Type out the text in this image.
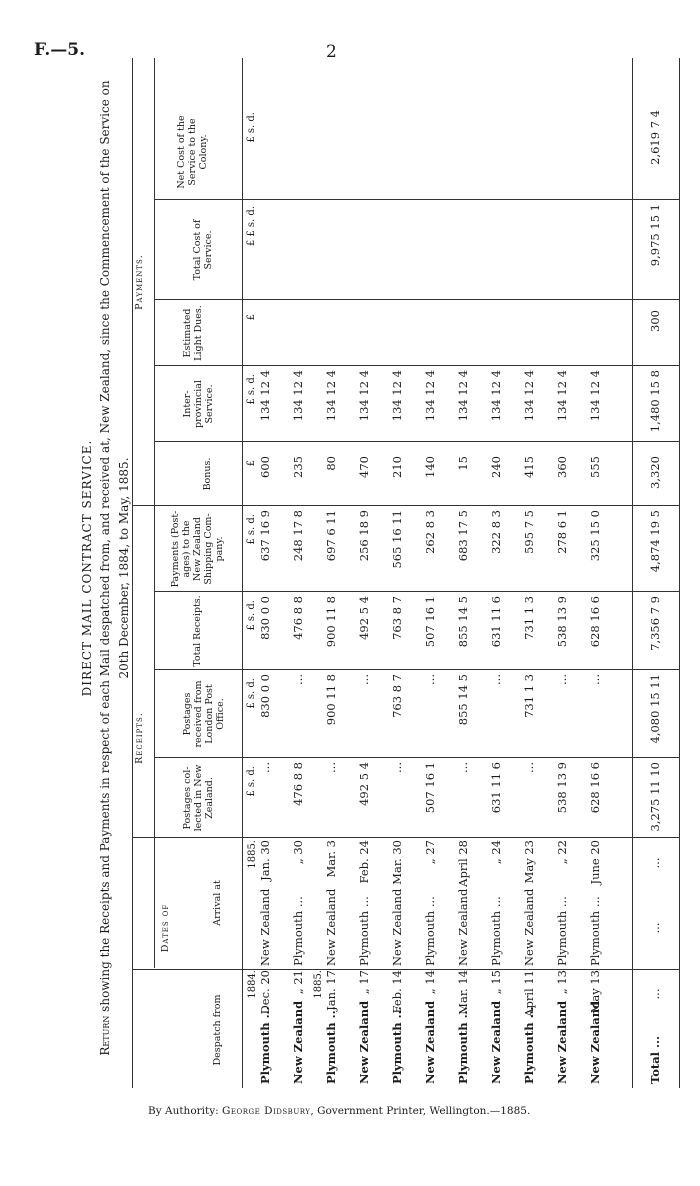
F.—5.	2
DIRECT MAIL CONTRACT SERVICE.
Return showing the Receipts and Payments in respect of each Mail despatched from, and received at, New Zealand, since the Commencement of the Service on 20th December, 1884, to May, 1885.
Receipts.
Payments.
Dates of
Despatch from
Arrival at
Postages col-lected in New Zealand.
Postages received from London Post Office.
Total Receipts.
Payments (Post-ages) to the New Zealand Shipping Com-pany.
Bonus.
Inter-provincial Service.
Estimated Light Dues.
Total Cost of Service.
Net Cost of the Service to the Colony.
£ s. d.
£ s. d.
£ s. d.
£ s. d.
£
£ s. d.
£
£ £ s. d.
£ s. d.
Total ...
...
...
...
3,275 11 10
4,080 15 11
7,356 7 9
4,874 19 5
3,320
1,480 15 8
300
9,975 15 1
2,619 7 4
Plymouth ...
Dec. 20
New Zealand
Jan. 30
...
830 0 0
830 0 0
637 16 9
600
134 12 4
1884.
1885.
New Zealand
„ 21
Plymouth ...
„ 30
476 8 8
...
476 8 8
248 17 8
235
134 12 4
Plymouth ...
Jan. 17
New Zealand
Mar. 3
...
900 11 8
900 11 8
697 6 11
80
134 12 4
1885.
New Zealand
„ 17
Plymouth ...
Feb. 24
492 5 4
...
492 5 4
256 18 9
470
134 12 4
Plymouth ...
Feb. 14
New Zealand
Mar. 30
...
763 8 7
763 8 7
565 16 11
210
134 12 4
New Zealand
„ 14
Plymouth ...
„ 27
507 16 1
...
507 16 1
262 8 3
140
134 12 4
Plymouth ...
Mar. 14
New Zealand
April 28
...
855 14 5
855 14 5
683 17 5
15
134 12 4
New Zealand
„ 15
Plymouth ...
„ 24
631 11 6
...
631 11 6
322 8 3
240
134 12 4
Plymouth ...
April 11
New Zealand
May 23
...
731 1 3
731 1 3
595 7 5
415
134 12 4
New Zealand
„ 13
Plymouth ...
„ 22
538 13 9
...
538 13 9
278 6 1
360
134 12 4
New Zealand
May 13
Plymouth ...
June 20
628 16 6
...
628 16 6
325 15 0
555
134 12 4
By Authority: George Didsbury, Government Printer, Wellington.—1885.
